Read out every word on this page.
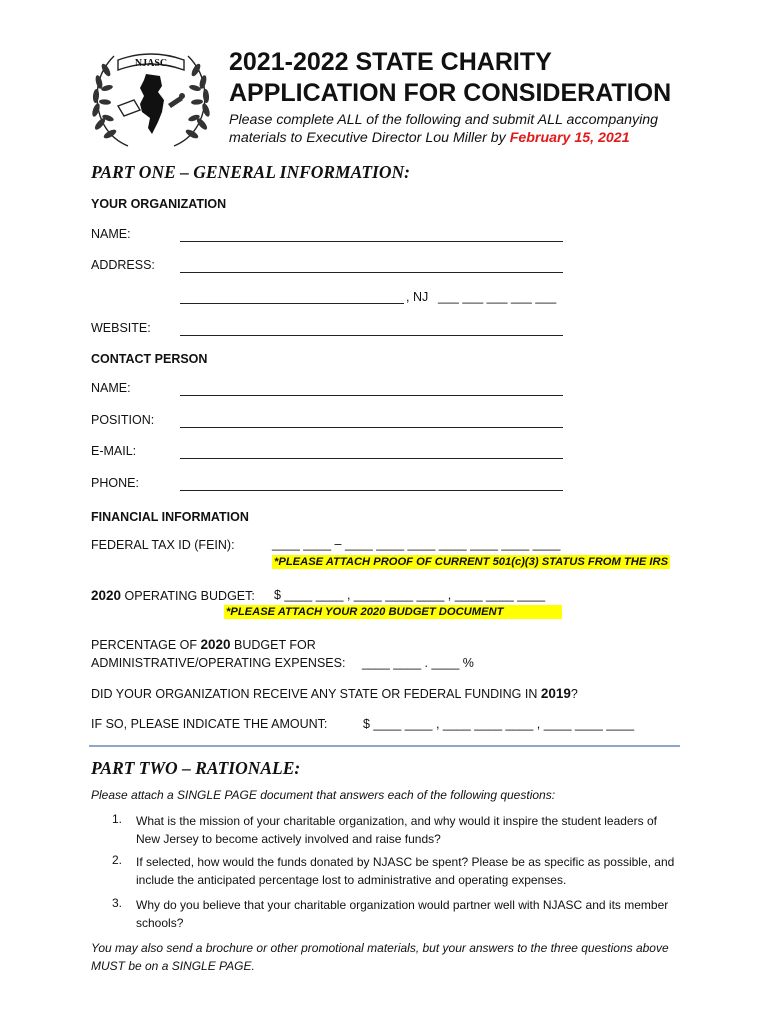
NJASC 2021-2022 STATE CHARITY
APPLICATION FOR CONSIDERATION
Please complete ALL of the following and submit ALL accompanying
materials to Executive Director Lou Miller by February 15, 2021
PART ONE – GENERAL INFORMATION:
YOUR ORGANIZATION
NAME:
ADDRESS:
, NJ ___ ___ ___ ___ ___
WEBSITE:
CONTACT PERSON
NAME:
POSITION:
E-MAIL:
PHONE:
FINANCIAL INFORMATION
FEDERAL TAX ID (FEIN):	____ ____ – ____ ____ ____ ____ ____ ____ ____
*PLEASE ATTACH PROOF OF CURRENT 501(c)(3) STATUS FROM THE IRS
2020 OPERATING BUDGET: $ ____ ____ , ____ ____ ____ , ____ ____ ____
*PLEASE ATTACH YOUR 2020 BUDGET DOCUMENT
PERCENTAGE OF 2020 BUDGET FOR
ADMINISTRATIVE/OPERATING EXPENSES: ____ ____ . ____ %
DID YOUR ORGANIZATION RECEIVE ANY STATE OR FEDERAL FUNDING IN 2019?
IF SO, PLEASE INDICATE THE AMOUNT:	$ ____ ____ , ____ ____ ____ , ____ ____ ____
PART TWO – RATIONALE:
Please attach a SINGLE PAGE document that answers each of the following questions:
1. What is the mission of your charitable organization, and why would it inspire the student leaders of New Jersey to become actively involved and raise funds?
2. If selected, how would the funds donated by NJASC be spent? Please be as specific as possible, and include the anticipated percentage lost to administrative and operating expenses.
3. Why do you believe that your charitable organization would partner well with NJASC and its member schools?
You may also send a brochure or other promotional materials, but your answers to the three questions above MUST be on a SINGLE PAGE.
